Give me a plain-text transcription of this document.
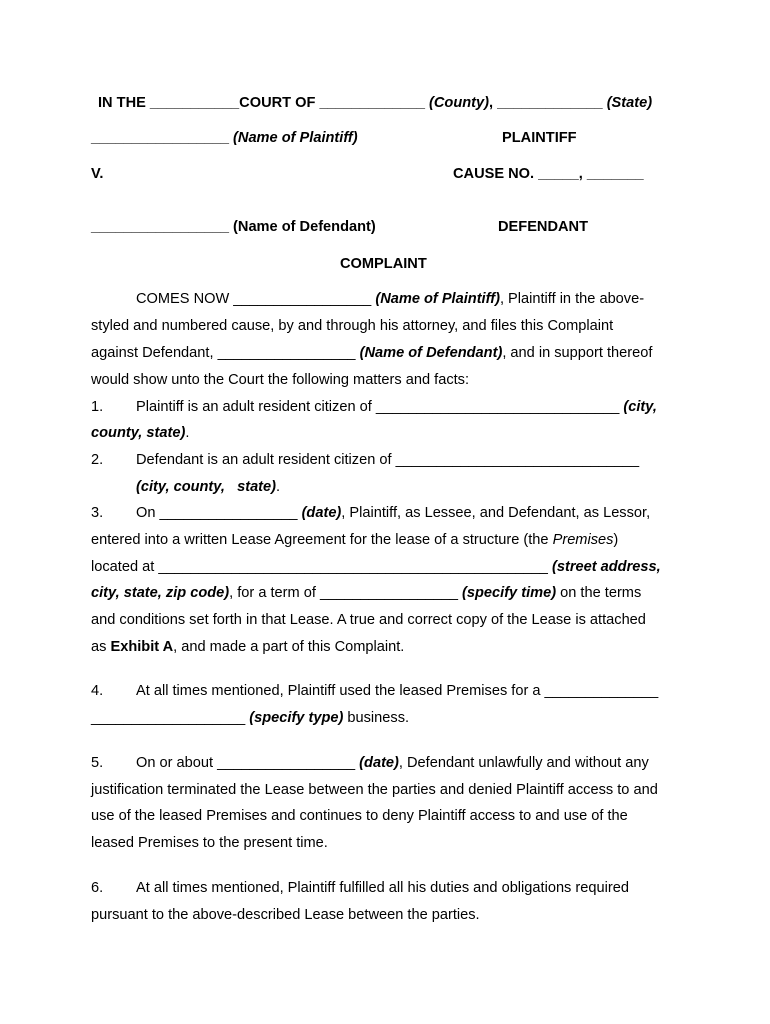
IN THE ___________COURT OF _____________ (County), _____________ (State)
_________________ (Name of Plaintiff)	PLAINTIFF
V.	CAUSE NO. _____, _______
_________________ (Name of Defendant)	DEFENDANT
COMPLAINT
COMES NOW _________________ (Name of Plaintiff), Plaintiff in the above-
styled and numbered cause, by and through his attorney, and files this Complaint
against Defendant, _________________ (Name of Defendant), and in support thereof
would show unto the Court the following matters and facts:
1. Plaintiff is an adult resident citizen of ______________________________ (city,
county, state).
2. Defendant is an adult resident citizen of ______________________________
(city, county,   state).
3. On _________________ (date), Plaintiff, as Lessee, and Defendant, as Lessor,
entered into a written Lease Agreement for the lease of a structure (the Premises)
located at ________________________________________________ (street address,
city, state, zip code), for a term of _________________ (specify time) on the terms
and conditions set forth in that Lease. A true and correct copy of the Lease is attached
as Exhibit A, and made a part of this Complaint.
4. At all times mentioned, Plaintiff used the leased Premises for a ______________
___________________ (specify type) business.
5. On or about _________________ (date), Defendant unlawfully and without any
justification terminated the Lease between the parties and denied Plaintiff access to and
use of the leased Premises and continues to deny Plaintiff access to and use of the
leased Premises to the present time.
6. At all times mentioned, Plaintiff fulfilled all his duties and obligations required
pursuant to the above-described Lease between the parties.
